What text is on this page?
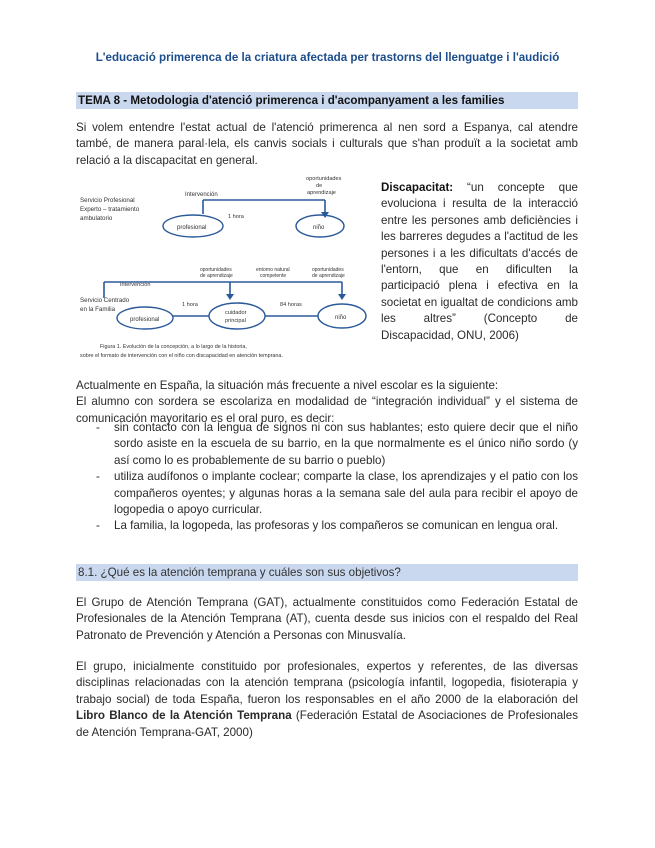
L'educació primerenca de la criatura afectada per trastorns del llenguatge i l'audició
TEMA 8 - Metodologia d'atenció primerenca i d'acompanyament a les families
Si volem entendre l'estat actual de l'atenció primerenca al nen sord a Espanya, cal atendre també, de manera paral·lela, els canvis socials i culturals que s'han produït a la societat amb relació a la discapacitat en general.
Servicio Profesional
Experto – tratamiento
ambulatorio
Intervención
oportunidades
de
aprendizaje
profesional	niño
1 hora
Servicio Centrado
en la Familia
Intervención
oportunidades
de aprendizaje
entorno natural
competente
oportunidades
de aprendizaje
profesional
cuidador
principal	niño
1 hora	84 horas
Figura 1. Evolución de la concepción, a lo largo de la historia,
sobre el formato de intervención con el niño con discapacidad en atención temprana.
Discapacitat: “un concepte que evoluciona i resulta de la interacció entre les persones amb deficiències i les barreres degudes a l'actitud de les persones i a les dificultats d'accés de l'entorn, que en dificulten la participació plena i efectiva en la societat en igualtat de condicions amb les altres” (Concepto de Discapacidad, ONU, 2006)
Actualmente en España, la situación más frecuente a nivel escolar es la siguiente:
El alumno con sordera se escolariza en modalidad de “integración individual” y el sistema de comunicación mayoritario es el oral puro, es decir:
- sin contacto con la lengua de signos ni con sus hablantes; esto quiere decir que el niño sordo asiste en la escuela de su barrio, en la que normalmente es el único niño sordo (y así como lo es probablemente de su barrio o pueblo)
- utiliza audífonos o implante coclear; comparte la clase, los aprendizajes y el patio con los compañeros oyentes; y algunas horas a la semana sale del aula para recibir el apoyo de logopedia o apoyo curricular.
- La familia, la logopeda, las profesoras y los compañeros se comunican en lengua oral.
8.1. ¿Qué es la atención temprana y cuáles son sus objetivos?
El Grupo de Atención Temprana (GAT), actualmente constituidos como Federación Estatal de Profesionales de la Atención Temprana (AT), cuenta desde sus inicios con el respaldo del Real Patronato de Prevención y Atención a Personas con Minusvalía.
El grupo, inicialmente constituido por profesionales, expertos y referentes, de las diversas disciplinas relacionadas con la atención temprana (psicología infantil, logopedia, fisioterapia y trabajo social) de toda España, fueron los responsables en el año 2000 de la elaboración del Libro Blanco de la Atención Temprana (Federación Estatal de Asociaciones de Profesionales de Atención Temprana-GAT, 2000)
